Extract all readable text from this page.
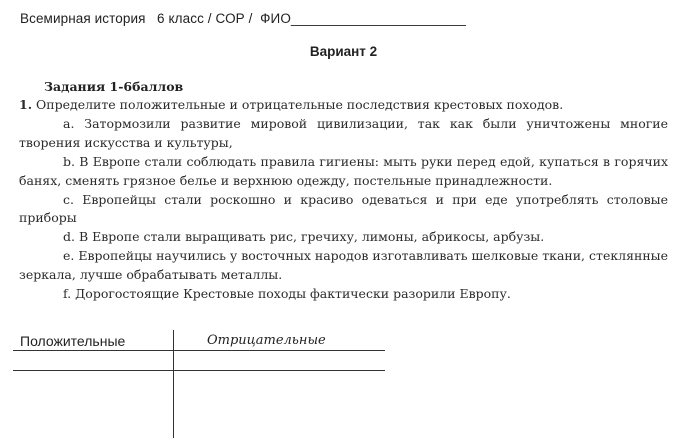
Всемирная история   6 класс / СОР /  ФИО_______________________
Вариант 2
Задания 1-6баллов

1. Определите положительные и отрицательные последствия крестовых походов.

a. Затормозили развитие мировой цивилизации, так как были уничтожены многие творения искусства и культуры,

b. В Европе стали соблюдать правила гигиены: мыть руки перед едой, купаться в горячих банях, сменять грязное белье и верхнюю одежду, постельные принадлежности.

c. Европейцы стали роскошно и красиво одеваться и при еде употреблять столовые приборы

d. В Европе стали выращивать рис, гречиху, лимоны, абрикосы, арбузы.

e. Европейцы научились у восточных народов изготавливать шелковые ткани, стеклянные зеркала, лучше обрабатывать металлы.

f. Дорогостоящие Крестовые походы фактически разорили Европу.

Положительные	Отрицательные
